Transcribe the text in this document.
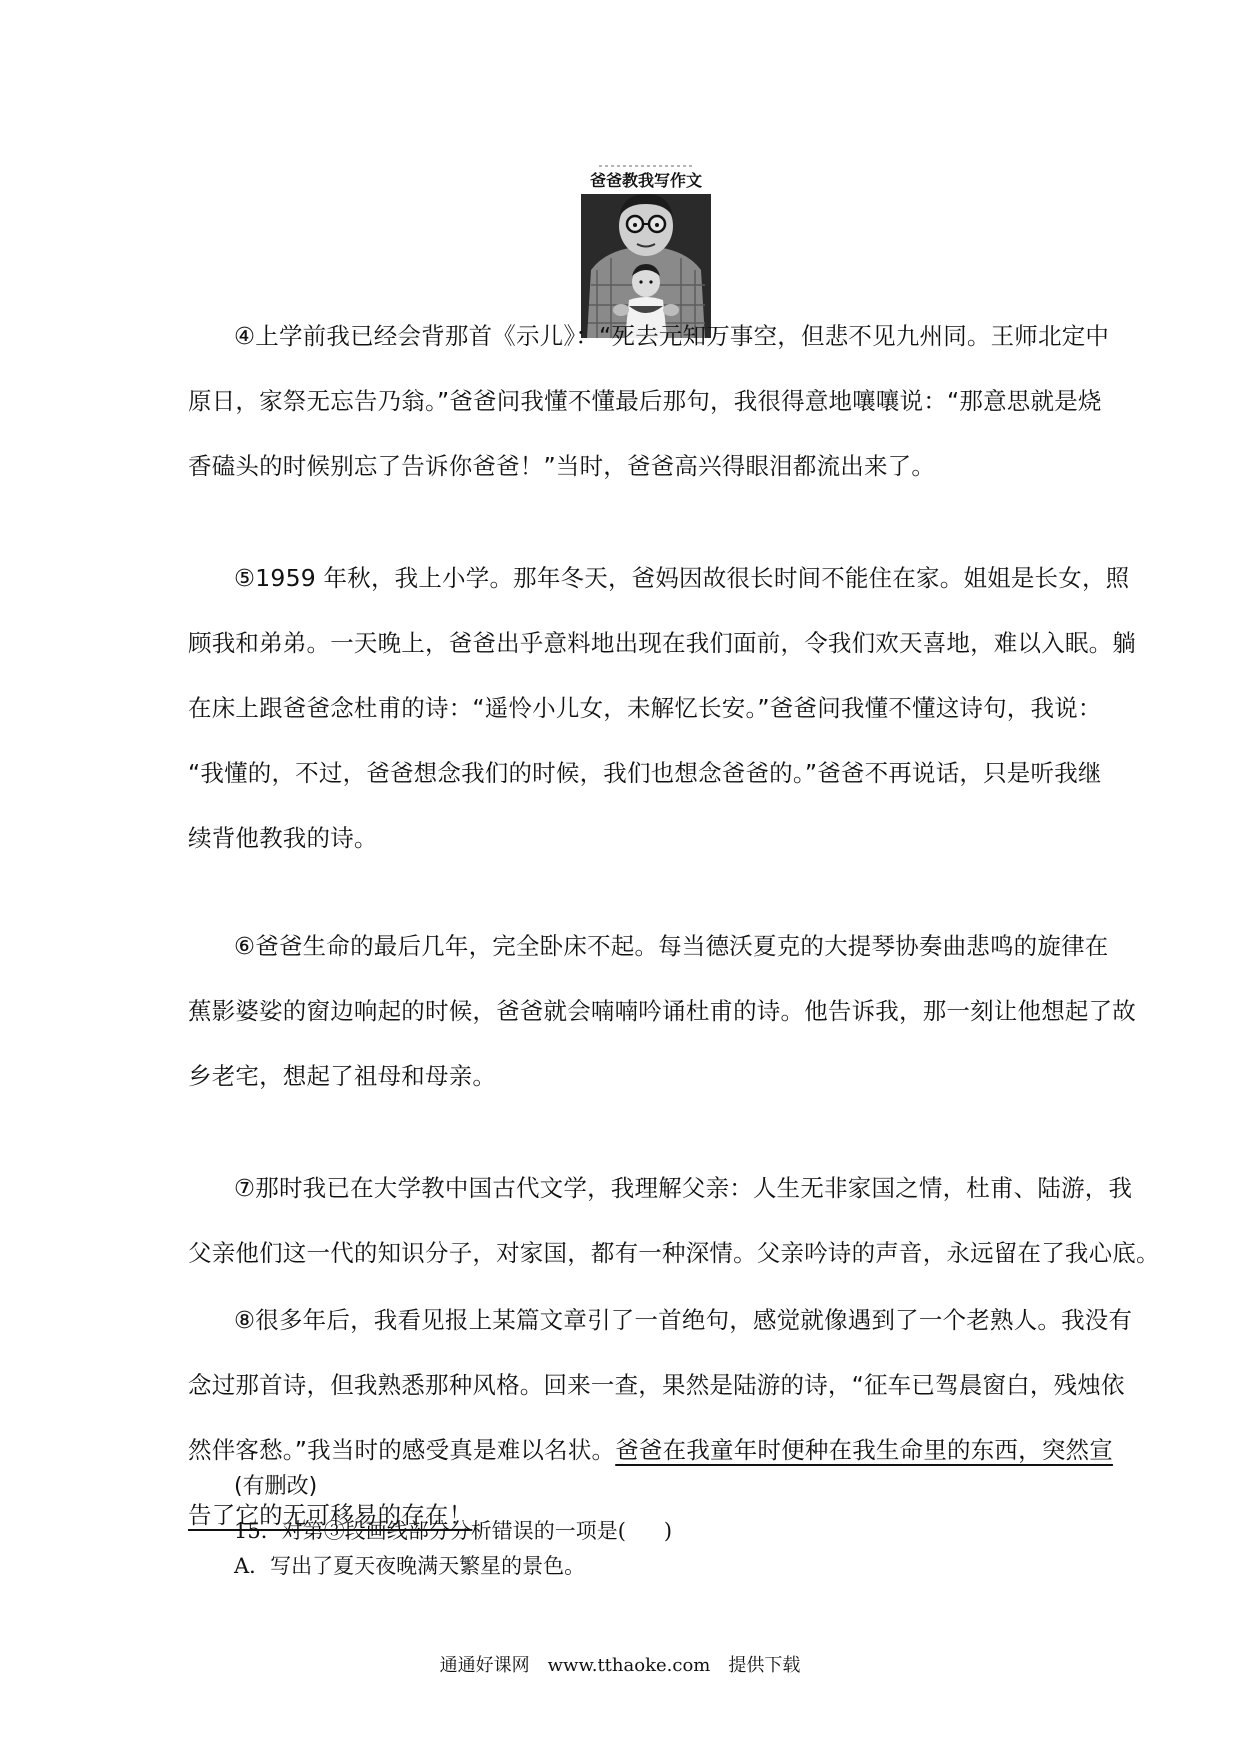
爸爸教我写作文
④上学前我已经会背那首《示儿》：“死去元知万事空，但悲不见九州同。王师北定中
原日，家祭无忘告乃翁。”爸爸问我懂不懂最后那句，我很得意地嚷嚷说：“那意思就是烧
香磕头的时候别忘了告诉你爸爸！”当时，爸爸高兴得眼泪都流出来了。
⑤1959 年秋，我上小学。那年冬天，爸妈因故很长时间不能住在家。姐姐是长女，照
顾我和弟弟。一天晚上，爸爸出乎意料地出现在我们面前，令我们欢天喜地，难以入眠。躺
在床上跟爸爸念杜甫的诗：“遥怜小儿女，未解忆长安。”爸爸问我懂不懂这诗句，我说：
“我懂的，不过，爸爸想念我们的时候，我们也想念爸爸的。”爸爸不再说话，只是听我继
续背他教我的诗。
⑥爸爸生命的最后几年，完全卧床不起。每当德沃夏克的大提琴协奏曲悲鸣的旋律在
蕉影婆娑的窗边响起的时候，爸爸就会喃喃吟诵杜甫的诗。他告诉我，那一刻让他想起了故
乡老宅，想起了祖母和母亲。
⑦那时我已在大学教中国古代文学，我理解父亲：人生无非家国之情，杜甫、陆游，我
父亲他们这一代的知识分子，对家国，都有一种深情。父亲吟诗的声音，永远留在了我心底。
⑧很多年后，我看见报上某篇文章引了一首绝句，感觉就像遇到了一个老熟人。我没有
念过那首诗，但我熟悉那种风格。回来一查，果然是陆游的诗，“征车已驾晨窗白，残烛依
然伴客愁。”我当时的感受真是难以名状。爸爸在我童年时便种在我生命里的东西，突然宣
告了它的无可移易的存在！

(有删改)

15．对第③段画线部分分析错误的一项是( )

A．写出了夏天夜晚满天繁星的景色。

通通好课网　www.tthaoke.com　提供下载
